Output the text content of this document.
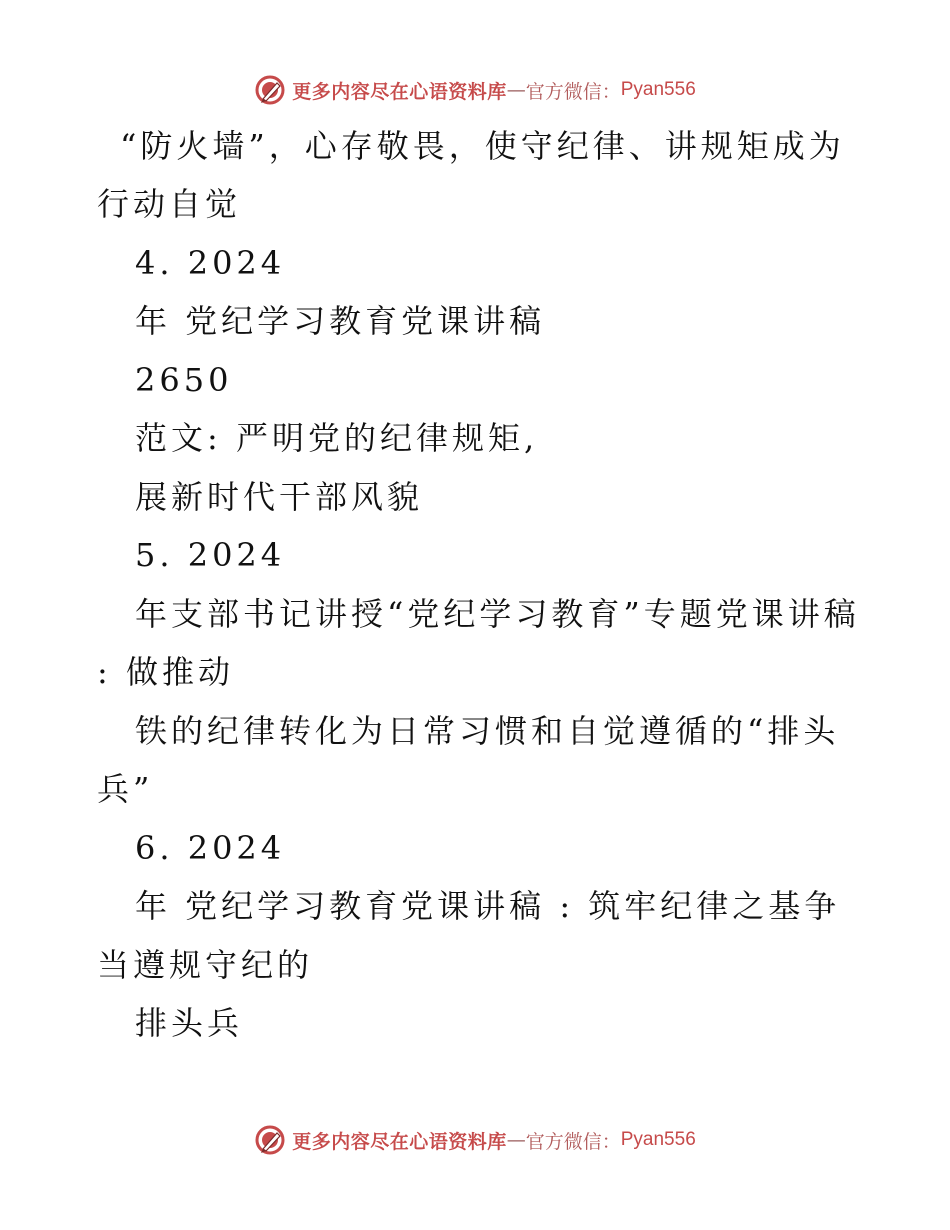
更多内容尽在心语资料库 — 官方微信： Pyan556
“防火墙”，心存敬畏，使守纪律、讲规矩成为
行动自觉
4. 2024
年 党纪学习教育党课讲稿
2650
范文: 严明党的纪律规矩,
展新时代干部风貌
5. 2024
年支部书记讲授“党纪学习教育”专题党课讲稿
: 做推动
铁的纪律转化为日常习惯和自觉遵循的“排头
兵”
6. 2024
年 党纪学习教育党课讲稿 : 筑牢纪律之基争
当遵规守纪的
排头兵
更多内容尽在心语资料库 — 官方微信： Pyan556
